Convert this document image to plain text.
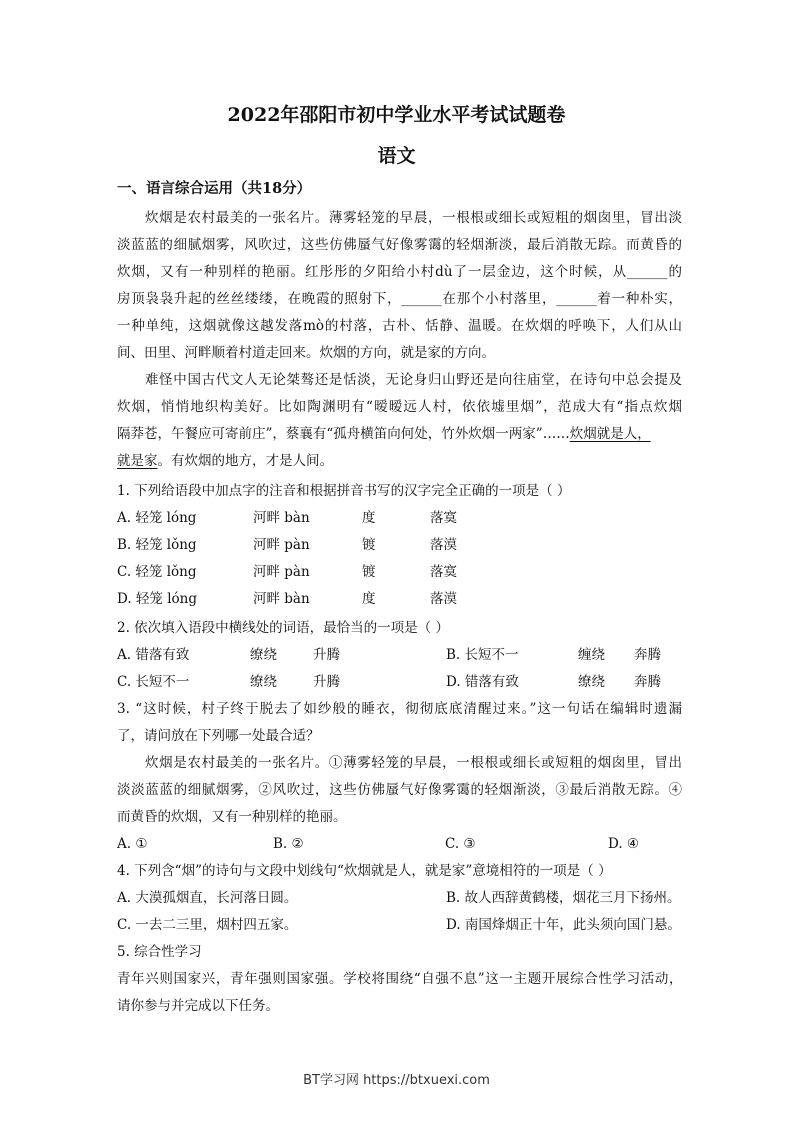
2022年邵阳市初中学业水平考试试题卷
语文
一、语言综合运用（共18分）
炊烟是农村最美的一张名片。薄雾轻笼的早晨，一根根或细长或短粗的烟囱里，冒出淡
淡蓝蓝的细腻烟雾，风吹过，这些仿佛蜃气好像雾霭的轻烟渐淡，最后消散无踪。而黄昏的
炊烟，又有一种别样的艳丽。红彤彤的夕阳给小村dù了一层金边，这个时候，从______的
房顶袅袅升起的丝丝缕缕，在晚霞的照射下，______在那个小村落里，______着一种朴实，
一种单纯，这烟就像这越发落mò的村落，古朴、恬静、温暖。在炊烟的呼唤下，人们从山
间、田里、河畔顺着村道走回来。炊烟的方向，就是家的方向。
难怪中国古代文人无论桀骜还是恬淡，无论身归山野还是向往庙堂，在诗句中总会提及
炊烟，悄悄地织构美好。比如陶渊明有“暧暧远人村，依依墟里烟”，范成大有“指点炊烟
隔莽苍，午餐应可寄前庄”，蔡襄有“孤舟横笛向何处，竹外炊烟一两家”……炊烟就是人，
就是家。有炊烟的地方，才是人间。
1. 下列给语段中加点字的注音和根据拼音书写的汉字完全正确的一项是（ ）
A. 轻笼 lóng	河畔 bàn	度	落寞
B. 轻笼 lǒng	河畔 pàn	镀	落漠
C. 轻笼 lǒng	河畔 pàn	镀	落寞
D. 轻笼 lóng	河畔 bàn	度	落漠
2. 依次填入语段中横线处的词语，最恰当的一项是（ ）
A. 错落有致	缭绕	升腾	B. 长短不一	缠绕 奔腾
C. 长短不一	缭绕	升腾	D. 错落有致	缭绕 奔腾
3. “这时候，村子终于脱去了如纱般的睡衣，彻彻底底清醒过来。”这一句话在编辑时遗漏
了，请问放在下列哪一处最合适？
炊烟是农村最美的一张名片。①薄雾轻笼的早晨，一根根或细长或短粗的烟囱里，冒出
淡淡蓝蓝的细腻烟雾，②风吹过，这些仿佛蜃气好像雾霭的轻烟渐淡，③最后消散无踪。④
而黄昏的炊烟，又有一种别样的艳丽。
A. ①	B. ②	C. ③	D. ④
4. 下列含“烟”的诗句与文段中划线句“炊烟就是人，就是家”意境相符的一项是（ ）
A. 大漠孤烟直，长河落日圆。	B. 故人西辞黄鹤楼，烟花三月下扬州。
C. 一去二三里，烟村四五家。	D. 南国烽烟正十年，此头须向国门悬。
5. 综合性学习
青年兴则国家兴，青年强则国家强。学校将围绕“自强不息”这一主题开展综合性学习活动，
请你参与并完成以下任务。
BT学习网 https://btxuexi.com
